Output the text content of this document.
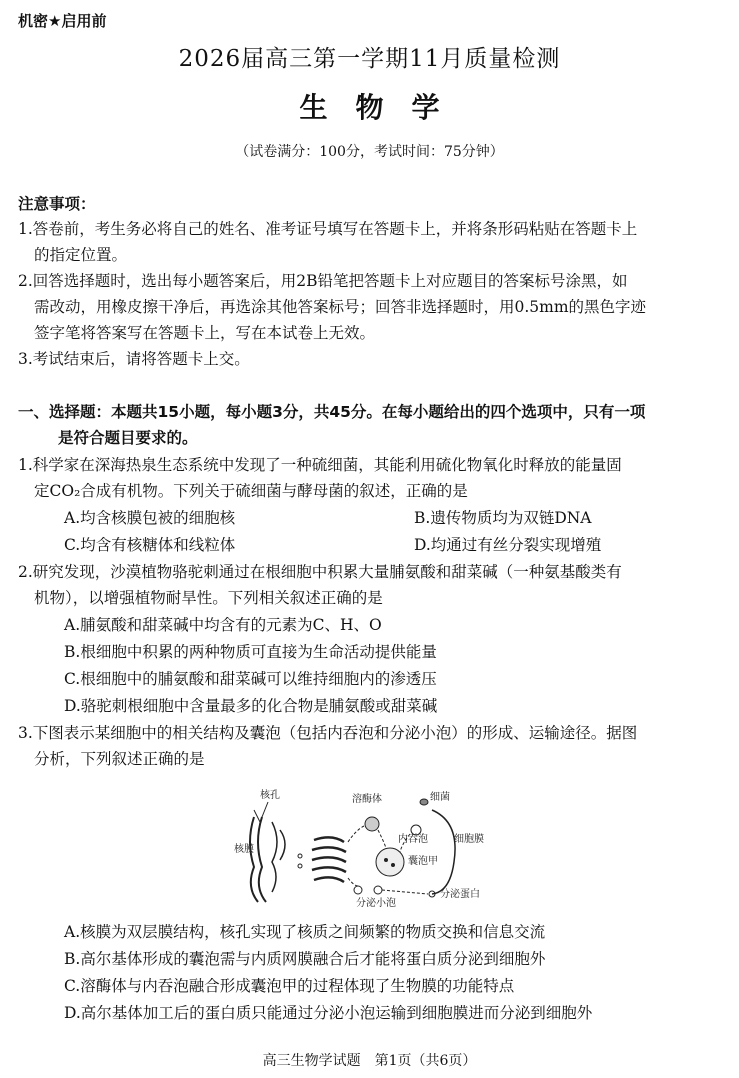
机密★启用前
2026届高三第一学期11月质量检测
生物学
（试卷满分：100分，考试时间：75分钟）
注意事项：
1.答卷前，考生务必将自己的姓名、准考证号填写在答题卡上，并将条形码粘贴在答题卡上
的指定位置。
2.回答选择题时，选出每小题答案后，用2B铅笔把答题卡上对应题目的答案标号涂黑，如
需改动，用橡皮擦干净后，再选涂其他答案标号；回答非选择题时，用0.5mm的黑色字迹
签字笔将答案写在答题卡上，写在本试卷上无效。
3.考试结束后，请将答题卡上交。
一、选择题：本题共15小题，每小题3分，共45分。在每小题给出的四个选项中，只有一项
是符合题目要求的。
1.科学家在深海热泉生态系统中发现了一种硫细菌，其能利用硫化物氧化时释放的能量固
定CO₂合成有机物。下列关于硫细菌与酵母菌的叙述，正确的是
A.均含核膜包被的细胞核	B.遗传物质均为双链DNA
C.均含有核糖体和线粒体	D.均通过有丝分裂实现增殖
2.研究发现，沙漠植物骆驼刺通过在根细胞中积累大量脯氨酸和甜菜碱（一种氨基酸类有
机物），以增强植物耐旱性。下列相关叙述正确的是
A.脯氨酸和甜菜碱中均含有的元素为C、H、O
B.根细胞中积累的两种物质可直接为生命活动提供能量
C.根细胞中的脯氨酸和甜菜碱可以维持细胞内的渗透压
D.骆驼刺根细胞中含量最多的化合物是脯氨酸或甜菜碱
3.下图表示某细胞中的相关结构及囊泡（包括内吞泡和分泌小泡）的形成、运输途径。据图
分析，下列叙述正确的是
核孔
核膜
溶酶体
囊泡甲
内吞泡
细菌
细胞膜
分泌小泡
分泌蛋白
A.核膜为双层膜结构，核孔实现了核质之间频繁的物质交换和信息交流
B.高尔基体形成的囊泡需与内质网膜融合后才能将蛋白质分泌到细胞外
C.溶酶体与内吞泡融合形成囊泡甲的过程体现了生物膜的功能特点
D.高尔基体加工后的蛋白质只能通过分泌小泡运输到细胞膜进而分泌到细胞外
高三生物学试题　第1页（共6页）
